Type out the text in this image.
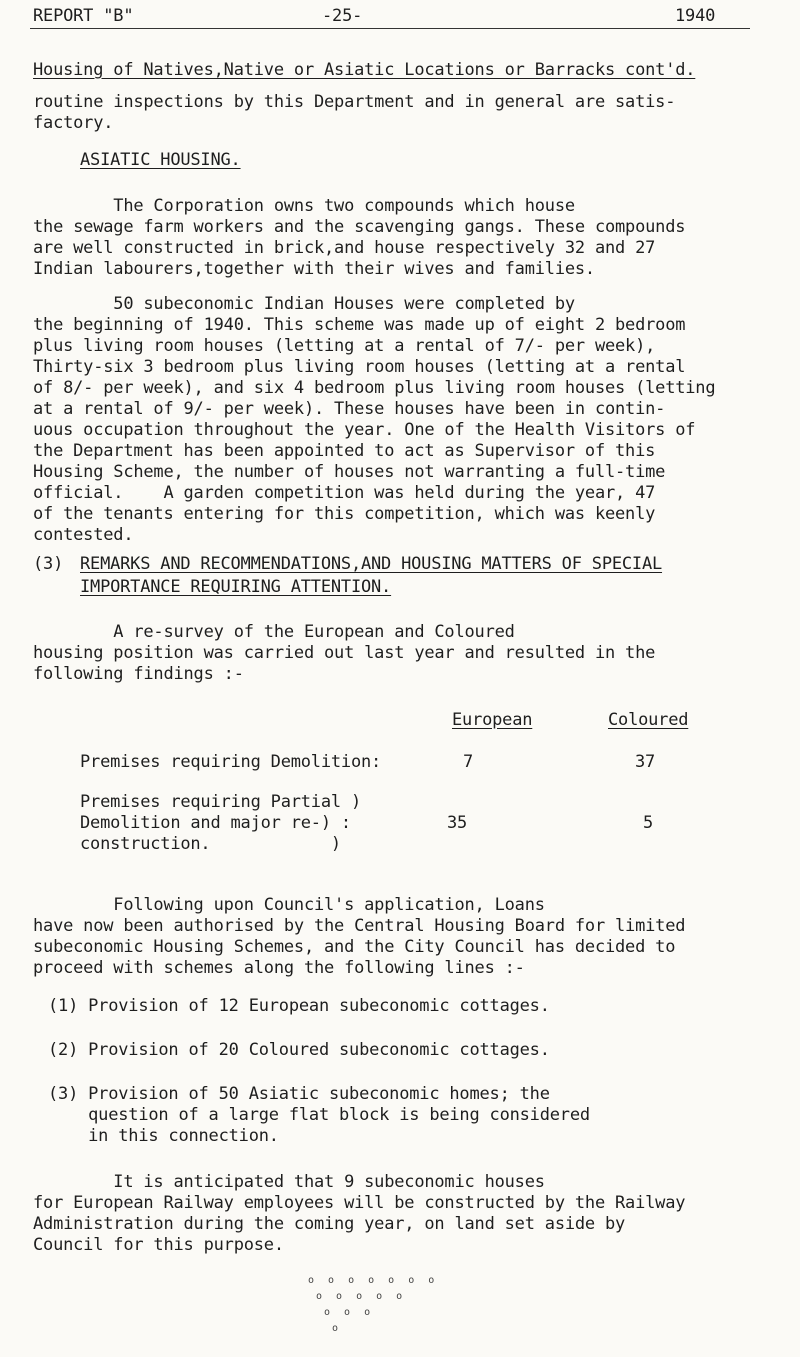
REPORT "B"	-25-	1940
Housing of Natives,Native or Asiatic Locations or Barracks cont'd.
routine inspections by this Department and in general are satis-
factory.
ASIATIC HOUSING.
The Corporation owns two compounds which house
the sewage farm workers and the scavenging gangs. These compounds
are well constructed in brick,and house respectively 32 and 27
Indian labourers,together with their wives and families.
50 subeconomic Indian Houses were completed by
the beginning of 1940. This scheme was made up of eight 2 bedroom
plus living room houses (letting at a rental of 7/- per week),
Thirty-six 3 bedroom plus living room houses (letting at a rental
of 8/- per week), and six 4 bedroom plus living room houses (letting
at a rental of 9/- per week). These houses have been in contin-
uous occupation throughout the year. One of the Health Visitors of
the Department has been appointed to act as Supervisor of this
Housing Scheme, the number of houses not warranting a full-time
official.    A garden competition was held during the year, 47
of the tenants entering for this competition, which was keenly
contested.
(3) REMARKS AND RECOMMENDATIONS,AND HOUSING MATTERS OF SPECIAL
IMPORTANCE REQUIRING ATTENTION.
A re-survey of the European and Coloured
housing position was carried out last year and resulted in the
following findings :-
European	Coloured
Premises requiring Demolition:	7	37
Premises requiring Partial )
Demolition and major re-) :
construction.            )
35	5
Following upon Council's application, Loans
have now been authorised by the Central Housing Board for limited
subeconomic Housing Schemes, and the City Council has decided to
proceed with schemes along the following lines :-
(1) Provision of 12 European subeconomic cottages.
(2) Provision of 20 Coloured subeconomic cottages.
(3) Provision of 50 Asiatic subeconomic homes; the
question of a large flat block is being considered
in this connection.
It is anticipated that 9 subeconomic houses
for European Railway employees will be constructed by the Railway
Administration during the coming year, on land set aside by
Council for this purpose.
o o o o o o o
o o o o o
o o o
o
